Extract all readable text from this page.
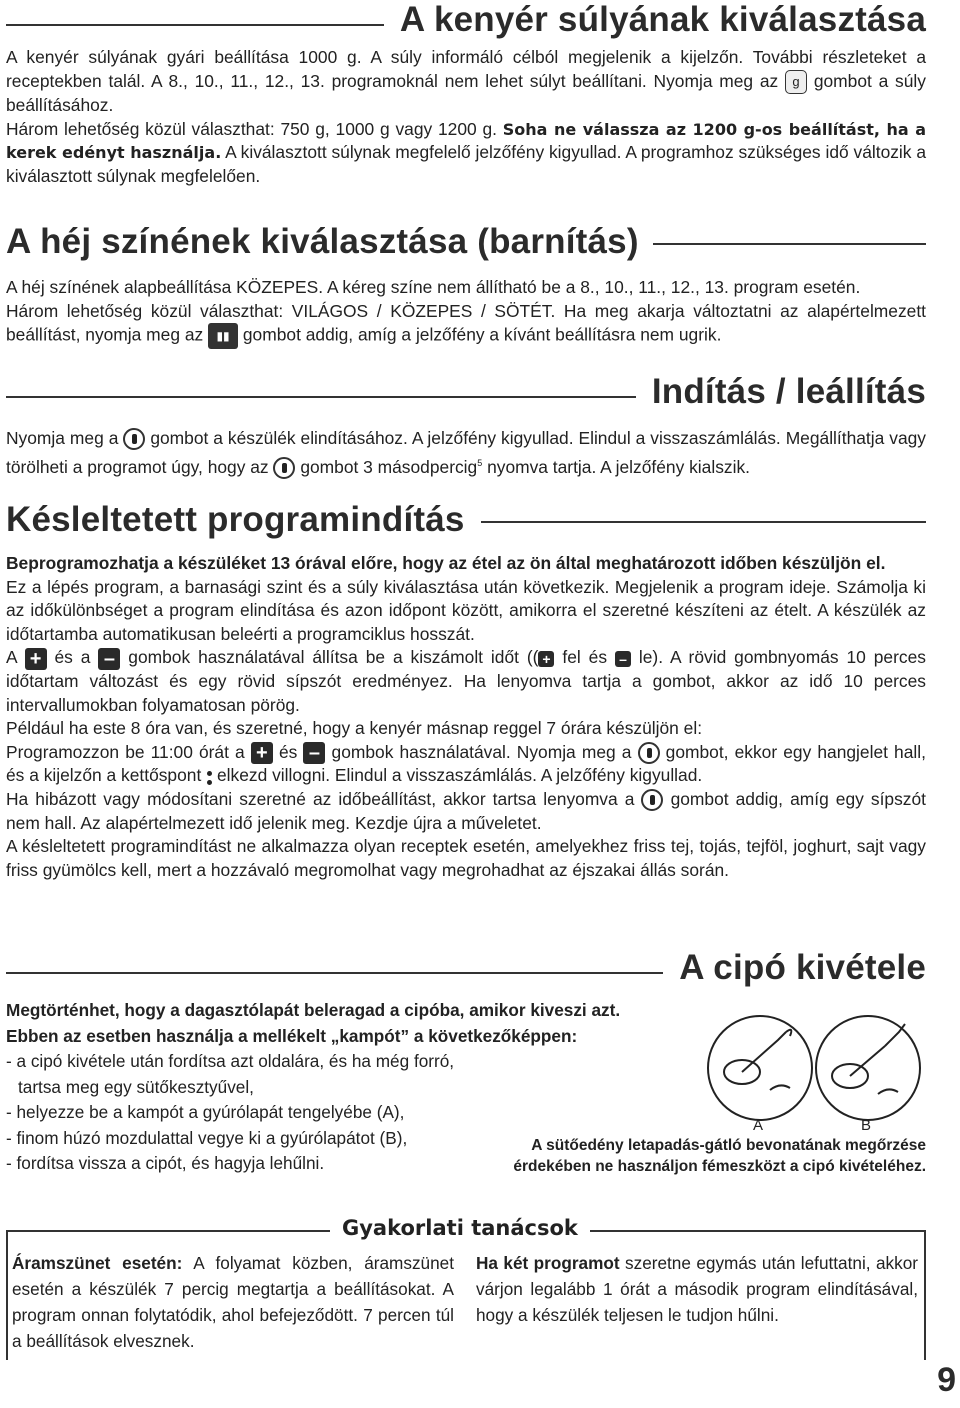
A kenyér súlyának kiválasztása

A kenyér súlyának gyári beállítása 1000 g. A súly informáló célból megjelenik a kijelzőn. További részleteket a receptekben talál. A 8., 10., 11., 12., 13. programoknál nem lehet súlyt beállítani. Nyomja meg az g gombot a súly beállításához.

Három lehetőség közül választhat: 750 g, 1000 g vagy 1200 g. Soha ne válassza az 1200 g-os beállítást, ha a kerek edényt használja. A kiválasztott súlynak megfelelő jelzőfény kigyullad. A programhoz szükséges idő változik a kiválasztott súlynak megfelelően.

A héj színének kiválasztása (barnítás)

A héj színének alapbeállítása KÖZEPES. A kéreg színe nem állítható be a 8., 10., 11., 12., 13. program esetén.

Három lehetőség közül választhat: VILÁGOS / KÖZEPES / SÖTÉT. Ha meg akarja változtatni az alapértelmezett beállítást, nyomja meg az ▮▮ gombot addig, amíg a jelzőfény a kívánt beállításra nem ugrik.

Indítás / leállítás

Nyomja meg a gombot a készülék elindításához. A jelzőfény kigyullad. Elindul a visszaszámlálás. Megállíthatja vagy törölheti a programot úgy, hogy az gombot 3 másodpercig$^5$ nyomva tartja. A jelzőfény kialszik.

Késleltetett programindítás

Beprogramozhatja a készüléket 13 órával előre, hogy az étel az ön által meghatározott időben készüljön el.

Ez a lépés program, a barnasági szint és a súly kiválasztása után következik. Megjelenik a program ideje. Számolja ki az időkülönbséget a program elindítása és azon időpont között, amikorra el szeretné készíteni az ételt. A készülék az időtartamba automatikusan beleérti a programciklus hosszát.

A + és a – gombok használatával állítsa be a kiszámolt időt (( + fel és – le). A rövid gombnyomás 10 perces időtartam változást és egy rövid sípszót eredményez. Ha lenyomva tartja a gombot, akkor az idő 10 perces intervallumokban folyamatosan pörög.

Például ha este 8 óra van, és szeretné, hogy a kenyér másnap reggel 7 órára készüljön el:

Programozzon be 11:00 órát a + és – gombok használatával. Nyomja meg a gombot, ekkor egy hangjelet hall, és a kijelzőn a kettőspont elkezd villogni. Elindul a visszaszámlálás. A jelzőfény kigyullad.

Ha hibázott vagy módosítani szeretné az időbeállítást, akkor tartsa lenyomva a gombot addig, amíg egy sípszót nem hall. Az alapértelmezett idő jelenik meg. Kezdje újra a műveletet.

A késleltetett programindítást ne alkalmazza olyan receptek esetén, amelyekhez friss tej, tojás, tejföl, joghurt, sajt vagy friss gyümölcs kell, mert a hozzávaló megromolhat vagy megrohadhat az éjszakai állás során.

A cipó kivétele
Megtörténhet, hogy a dagasztólapát beleragad a cipóba, amikor kiveszi azt.
Ebben az esetben használja a mellékelt „kampót” a következőképpen:
- a cipó kivétele után fordítsa azt oldalára, és ha még forró,
tartsa meg egy sütőkesztyűvel,
- helyezze be a kampót a gyúrólapát tengelyébe (A),
- finom húzó mozdulattal vegye ki a gyúrólapátot (B),
- fordítsa vissza a cipót, és hagyja lehűlni.
A	B
A sütőedény letapadás-gátló bevonatának megőrzése
érdekében ne használjon fémeszközt a cipó kivételéhez.
Gyakorlati tanácsok
Áramszünet esetén: A folyamat közben, áramszünet esetén a készülék 7 percig megtartja a beállításokat. A program onnan folytatódik, ahol befejeződött. 7 percen túl a beállítások elvesznek.
Ha két programot szeretne egymás után lefuttatni, akkor várjon legalább 1 órát a második program elindításával, hogy a készülék teljesen le tudjon hűlni.
9
